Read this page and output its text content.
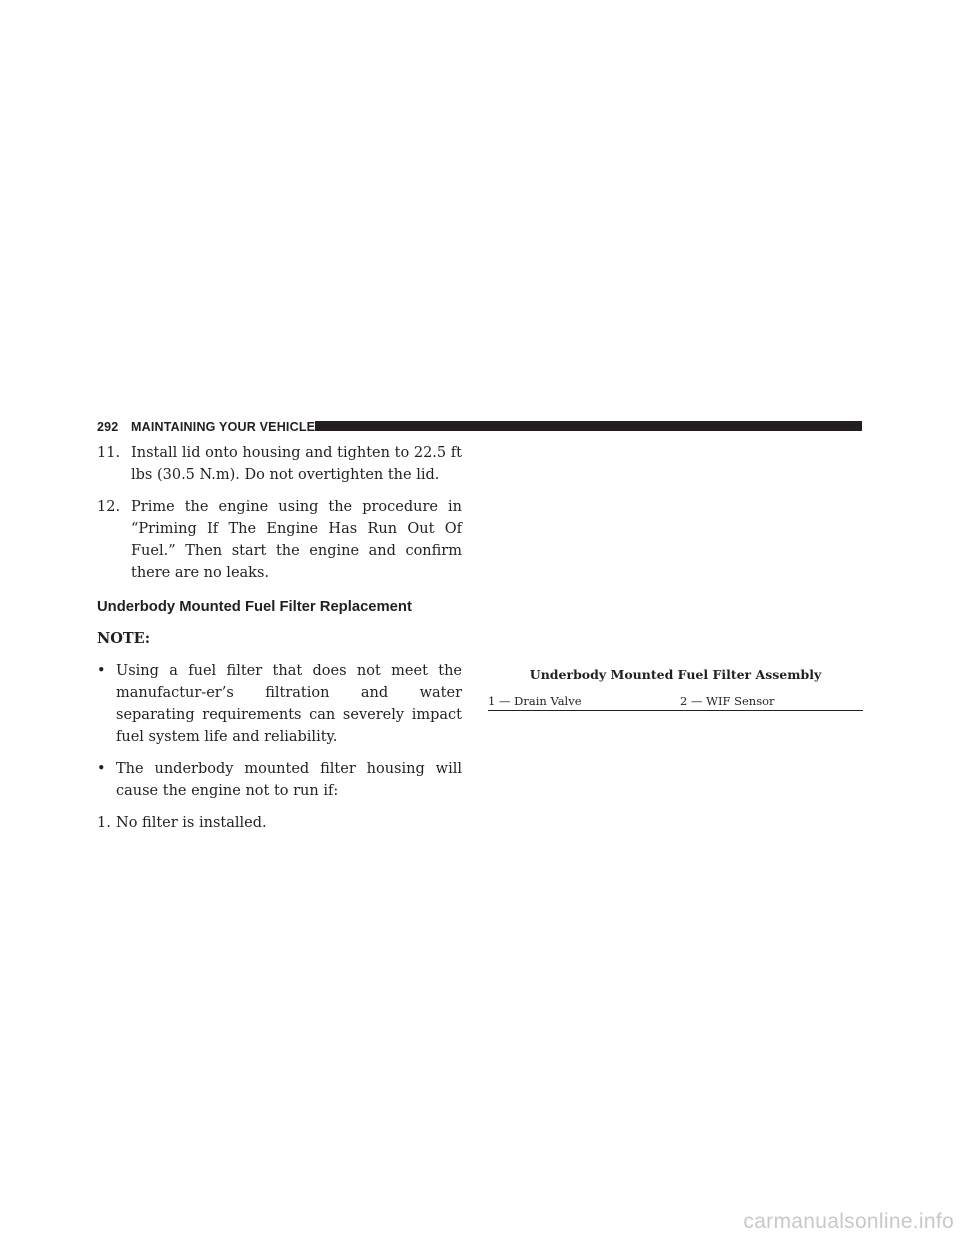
292 MAINTAINING YOUR VEHICLE
11. Install lid onto housing and tighten to 22.5 ft lbs (30.5 N.m). Do not overtighten the lid.
12. Prime the engine using the procedure in “Priming If The Engine Has Run Out Of Fuel.” Then start the engine and confirm there are no leaks.
Underbody Mounted Fuel Filter Replacement
NOTE:
• Using a fuel filter that does not meet the manufactur-er’s filtration and water separating requirements can severely impact fuel system life and reliability.
• The underbody mounted filter housing will cause the engine not to run if:
1. No filter is installed.
Underbody Mounted Fuel Filter Assembly
1 — Drain Valve	2 — WIF Sensor
carmanualsonline.info
